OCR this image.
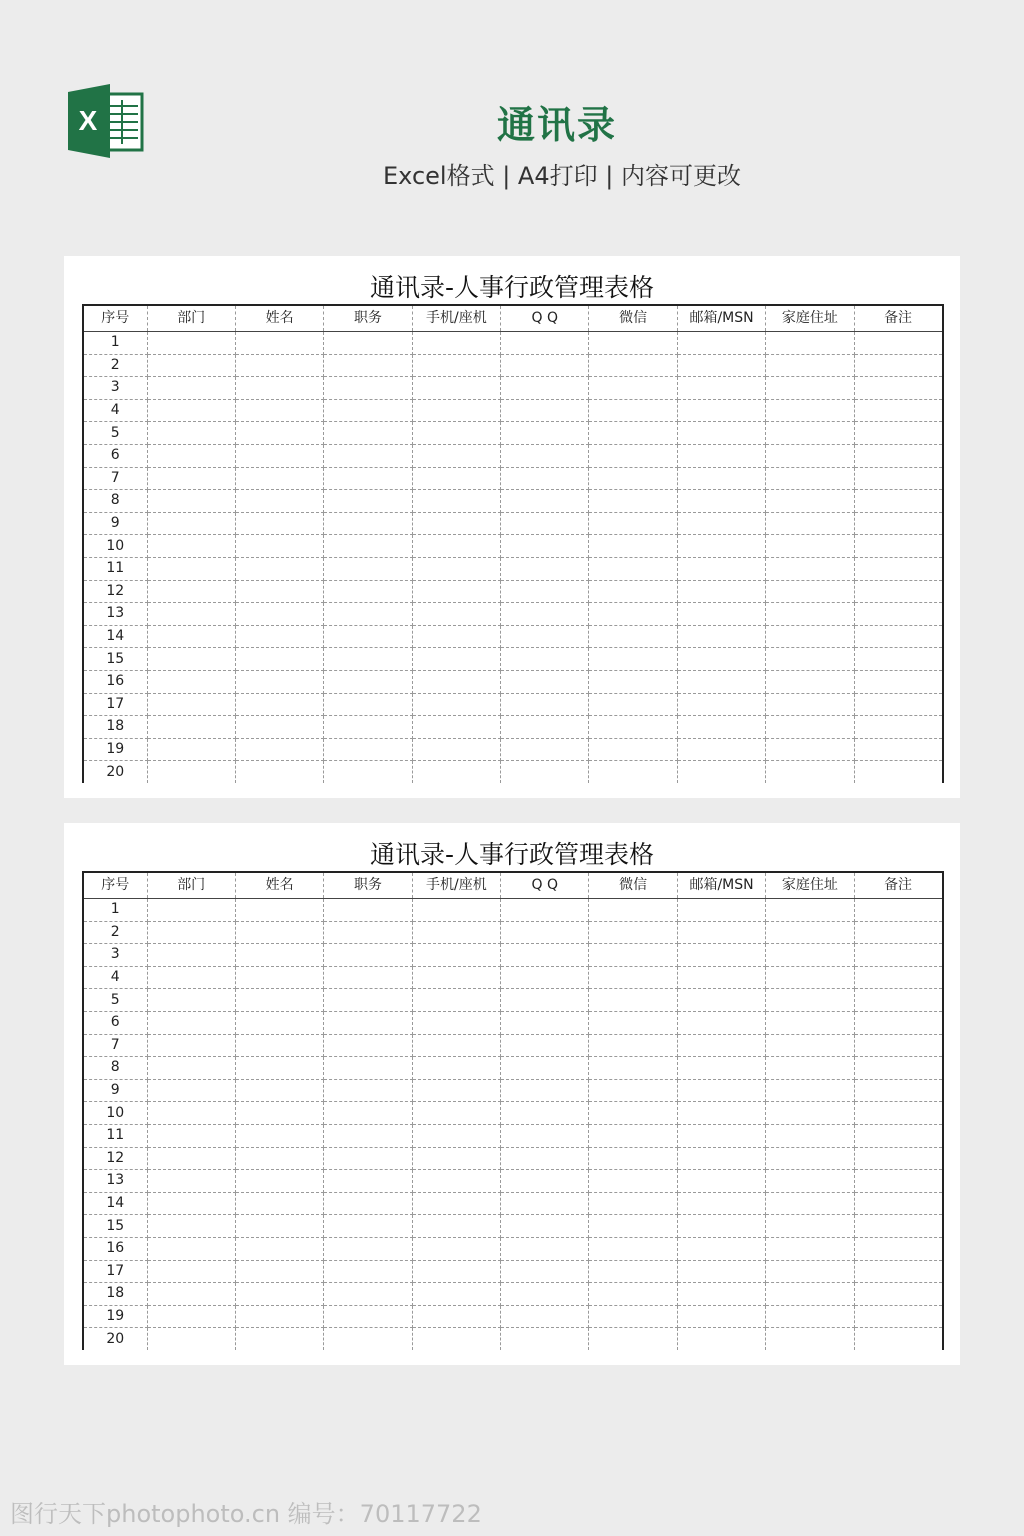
X	通讯录
Excel格式 | A4打印 | 内容可更改
通讯录-人事行政管理表格
序号	部门	姓名	职务	手机/座机	Q Q	微信	邮箱/MSN	家庭住址	备注
1									
2									
3									
4									
5									
6									
7									
8									
9									
10									
11									
12									
13									
14									
15									
16									
17									
18									
19									
20									
通讯录-人事行政管理表格
序号	部门	姓名	职务	手机/座机	Q Q	微信	邮箱/MSN	家庭住址	备注
1									
2									
3									
4									
5									
6									
7									
8									
9									
10									
11									
12									
13									
14									
15									
16									
17									
18									
19									
20									
图行天下photophoto.cn 编号：70117722
